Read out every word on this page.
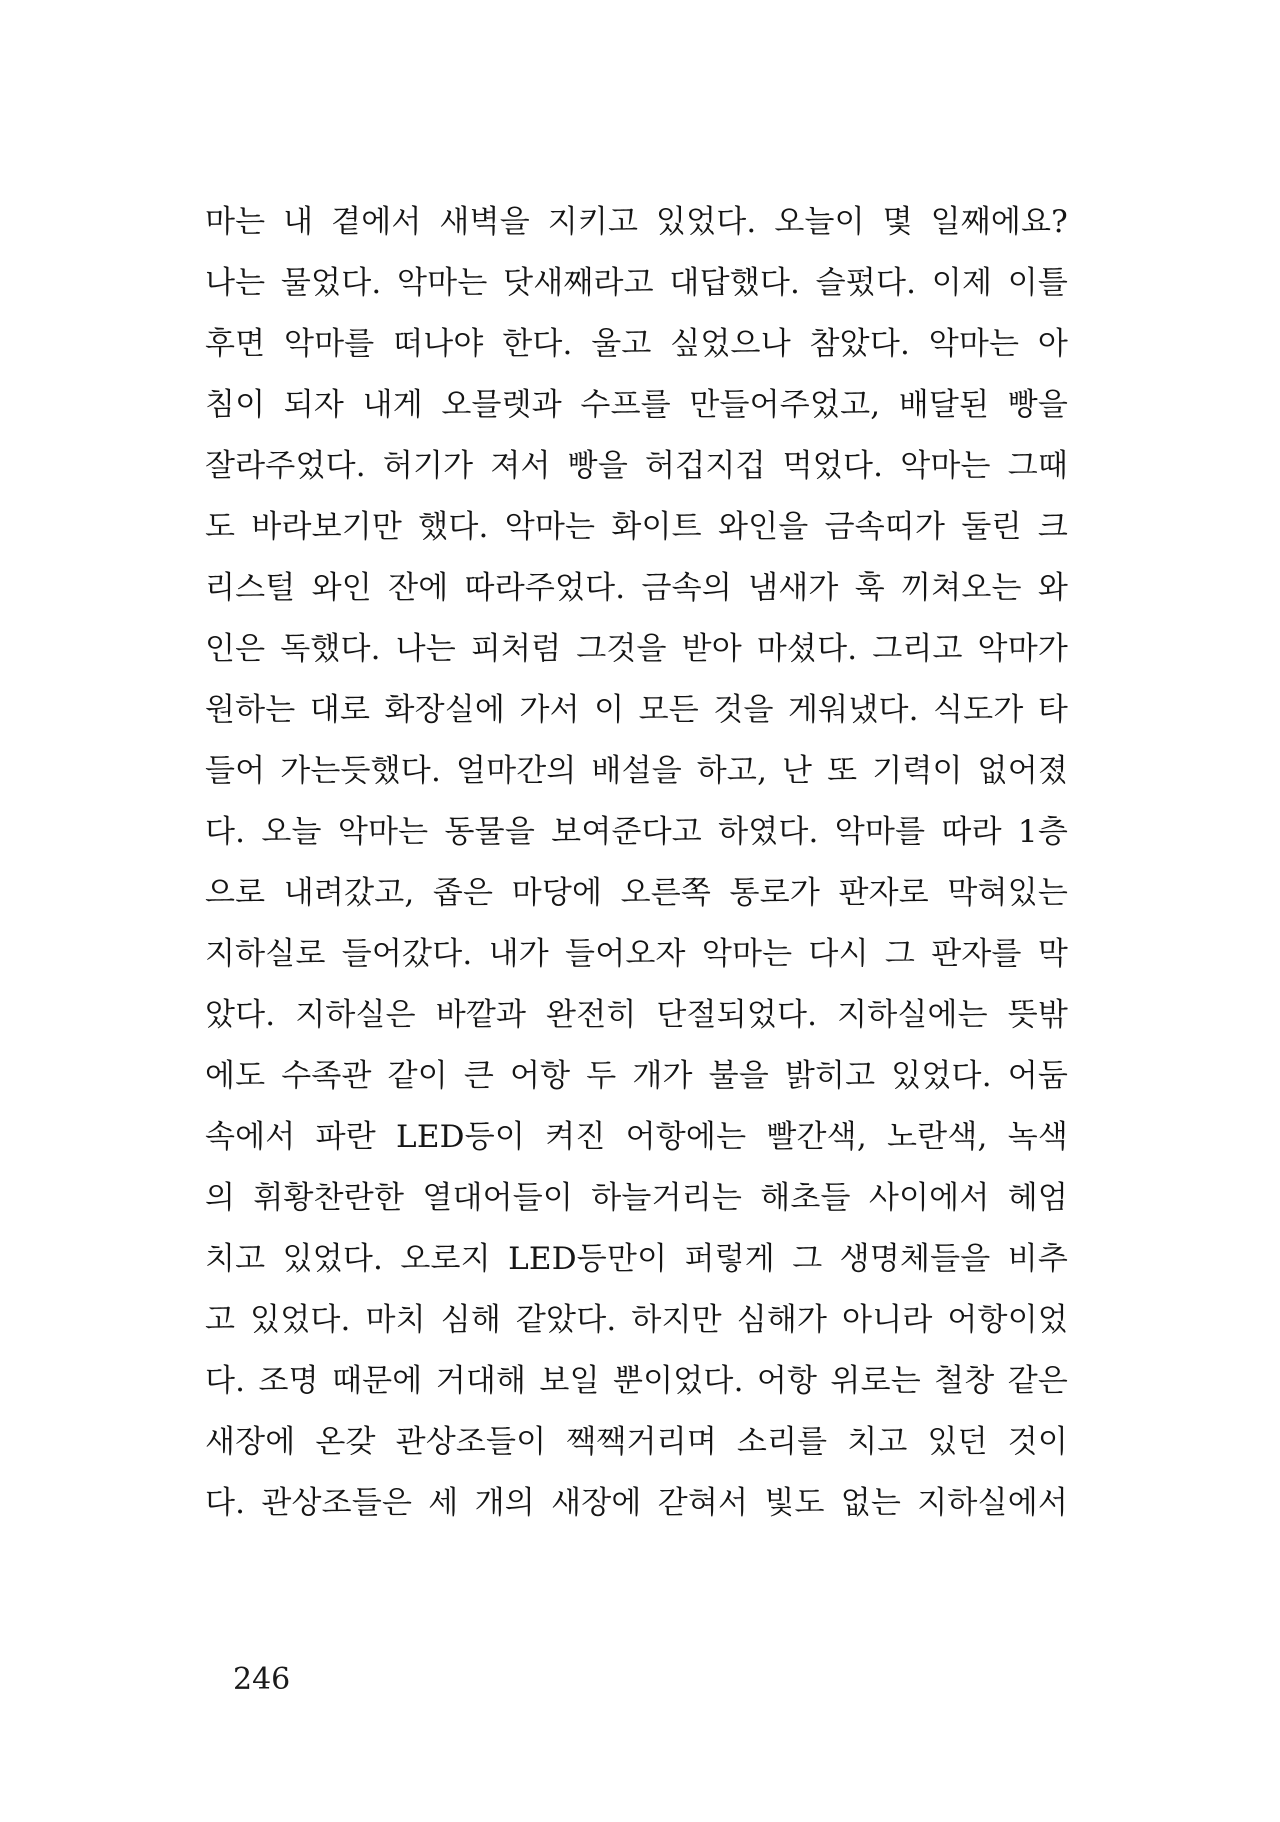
마는 내 곁에서 새벽을 지키고 있었다. 오늘이 몇 일째에요?

나는 물었다. 악마는 닷새째라고 대답했다. 슬펐다. 이제 이틀

후면 악마를 떠나야 한다. 울고 싶었으나 참았다. 악마는 아

침이 되자 내게 오믈렛과 수프를 만들어주었고, 배달된 빵을

잘라주었다. 허기가 져서 빵을 허겁지겁 먹었다. 악마는 그때

도 바라보기만 했다. 악마는 화이트 와인을 금속띠가 둘린 크

리스털 와인 잔에 따라주었다. 금속의 냄새가 훅 끼쳐오는 와

인은 독했다. 나는 피처럼 그것을 받아 마셨다. 그리고 악마가

원하는 대로 화장실에 가서 이 모든 것을 게워냈다. 식도가 타

들어 가는듯했다. 얼마간의 배설을 하고, 난 또 기력이 없어졌

다. 오늘 악마는 동물을 보여준다고 하였다. 악마를 따라 1층

으로 내려갔고, 좁은 마당에 오른쪽 통로가 판자로 막혀있는

지하실로 들어갔다. 내가 들어오자 악마는 다시 그 판자를 막

았다. 지하실은 바깥과 완전히 단절되었다. 지하실에는 뜻밖

에도 수족관 같이 큰 어항 두 개가 불을 밝히고 있었다. 어둠

속에서 파란 LED등이 켜진 어항에는 빨간색, 노란색, 녹색

의 휘황찬란한 열대어들이 하늘거리는 해초들 사이에서 헤엄

치고 있었다. 오로지 LED등만이 퍼렇게 그 생명체들을 비추

고 있었다. 마치 심해 같았다. 하지만 심해가 아니라 어항이었

다. 조명 때문에 거대해 보일 뿐이었다. 어항 위로는 철창 같은

새장에 온갖 관상조들이 짹짹거리며 소리를 치고 있던 것이

다. 관상조들은 세 개의 새장에 갇혀서 빛도 없는 지하실에서

246
